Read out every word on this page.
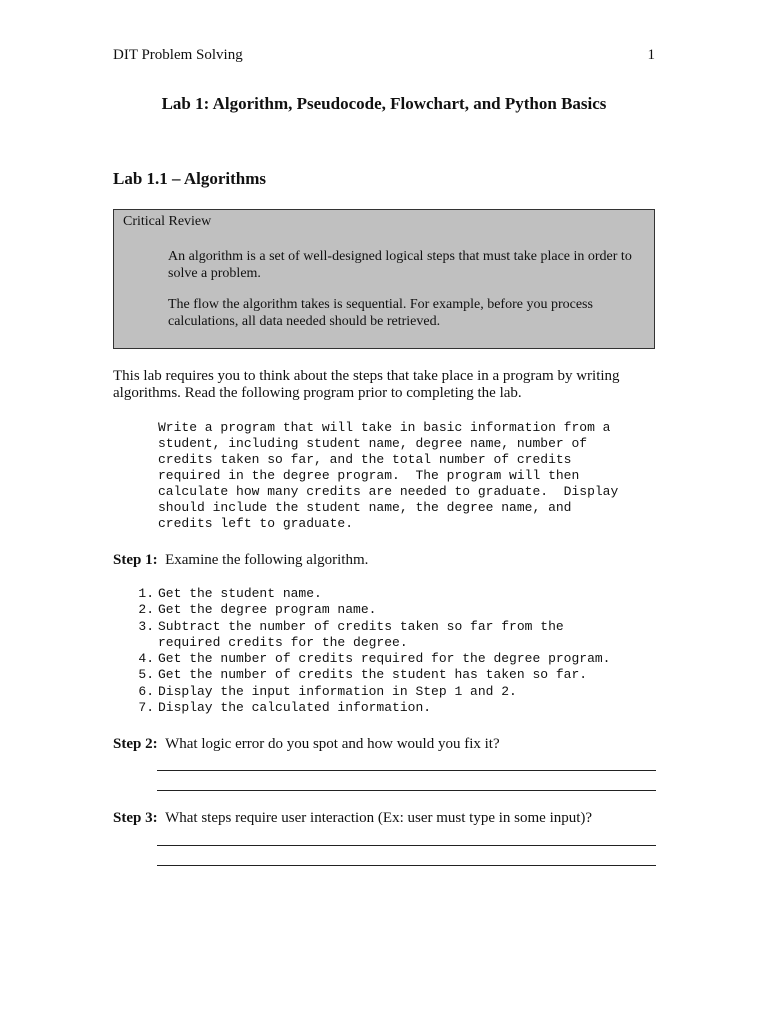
DIT Problem Solving	1
Lab 1: Algorithm, Pseudocode, Flowchart, and Python Basics
Lab 1.1 – Algorithms
Critical Review

An algorithm is a set of well-designed logical steps that must take place in order to solve a problem.

The flow the algorithm takes is sequential. For example, before you process calculations, all data needed should be retrieved.

This lab requires you to think about the steps that take place in a program by writing algorithms. Read the following program prior to completing the lab.

Write a program that will take in basic information from a
student, including student name, degree name, number of
credits taken so far, and the total number of credits
required in the degree program.  The program will then
calculate how many credits are needed to graduate.  Display
should include the student name, the degree name, and
credits left to graduate.
Step 1: Examine the following algorithm.
1. Get the student name.
2. Get the degree program name.
3. Subtract the number of credits taken so far from the
required credits for the degree.
4. Get the number of credits required for the degree program.
5. Get the number of credits the student has taken so far.
6. Display the input information in Step 1 and 2.
7. Display the calculated information.
Step 2: What logic error do you spot and how would you fix it?
Step 3: What steps require user interaction (Ex: user must type in some input)?
